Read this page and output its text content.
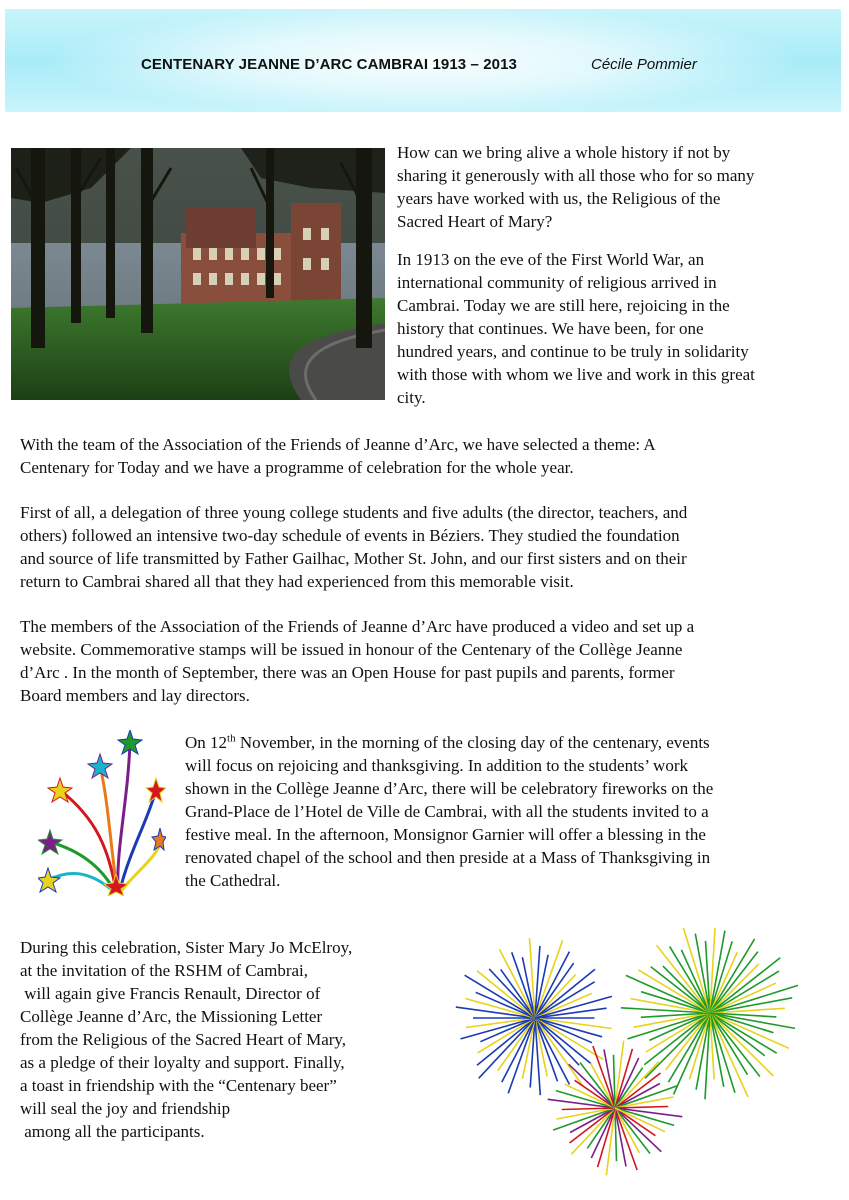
CENTENARY JEANNE D’ARC CAMBRAI 1913 – 2013	Cécile Pommier
How can we bring alive a whole history if not by
sharing it generously with all those who for so many
years have worked with us, the Religious of the
Sacred Heart of Mary?
In 1913 on the eve of the First World War, an
international community of religious arrived in
Cambrai. Today we are still here, rejoicing in the
history that continues. We have been, for one
hundred years, and continue to be truly in solidarity
with those with whom we live and work in this great
city.
With the team of the Association of the Friends of Jeanne d’Arc, we have selected a theme: A
Centenary for Today and we have a programme of celebration for the whole year.
First of all, a delegation of three young college students and five adults (the director, teachers, and
others) followed an intensive two-day schedule of events in Béziers. They studied the foundation
and source of life transmitted by Father Gailhac, Mother St. John, and our first sisters and on their
return to Cambrai shared all that they had experienced from this memorable visit.
The members of the Association of the Friends of Jeanne d’Arc have produced a video and set up a
website. Commemorative stamps will be issued in honour of the Centenary of the Collège Jeanne
d’Arc . In the month of September, there was an Open House for past pupils and parents, former
Board members and lay directors.
On 12th November, in the morning of the closing day of the centenary, events
will focus on rejoicing and thanksgiving. In addition to the students’ work
shown in the Collège Jeanne d’Arc, there will be celebratory fireworks on the
Grand-Place de l’Hotel de Ville de Cambrai, with all the students invited to a
festive meal. In the afternoon, Monsignor Garnier will offer a blessing in the
renovated chapel of the school and then preside at a Mass of Thanksgiving in
the Cathedral.
During this celebration, Sister Mary Jo McElroy,
at the invitation of the RSHM of Cambrai,
will again give Francis Renault, Director of
Collège Jeanne d’Arc, the Missioning Letter
from the Religious of the Sacred Heart of Mary,
as a pledge of their loyalty and support. Finally,
a toast in friendship with the “Centenary beer”
will seal the joy and friendship
among all the participants.
